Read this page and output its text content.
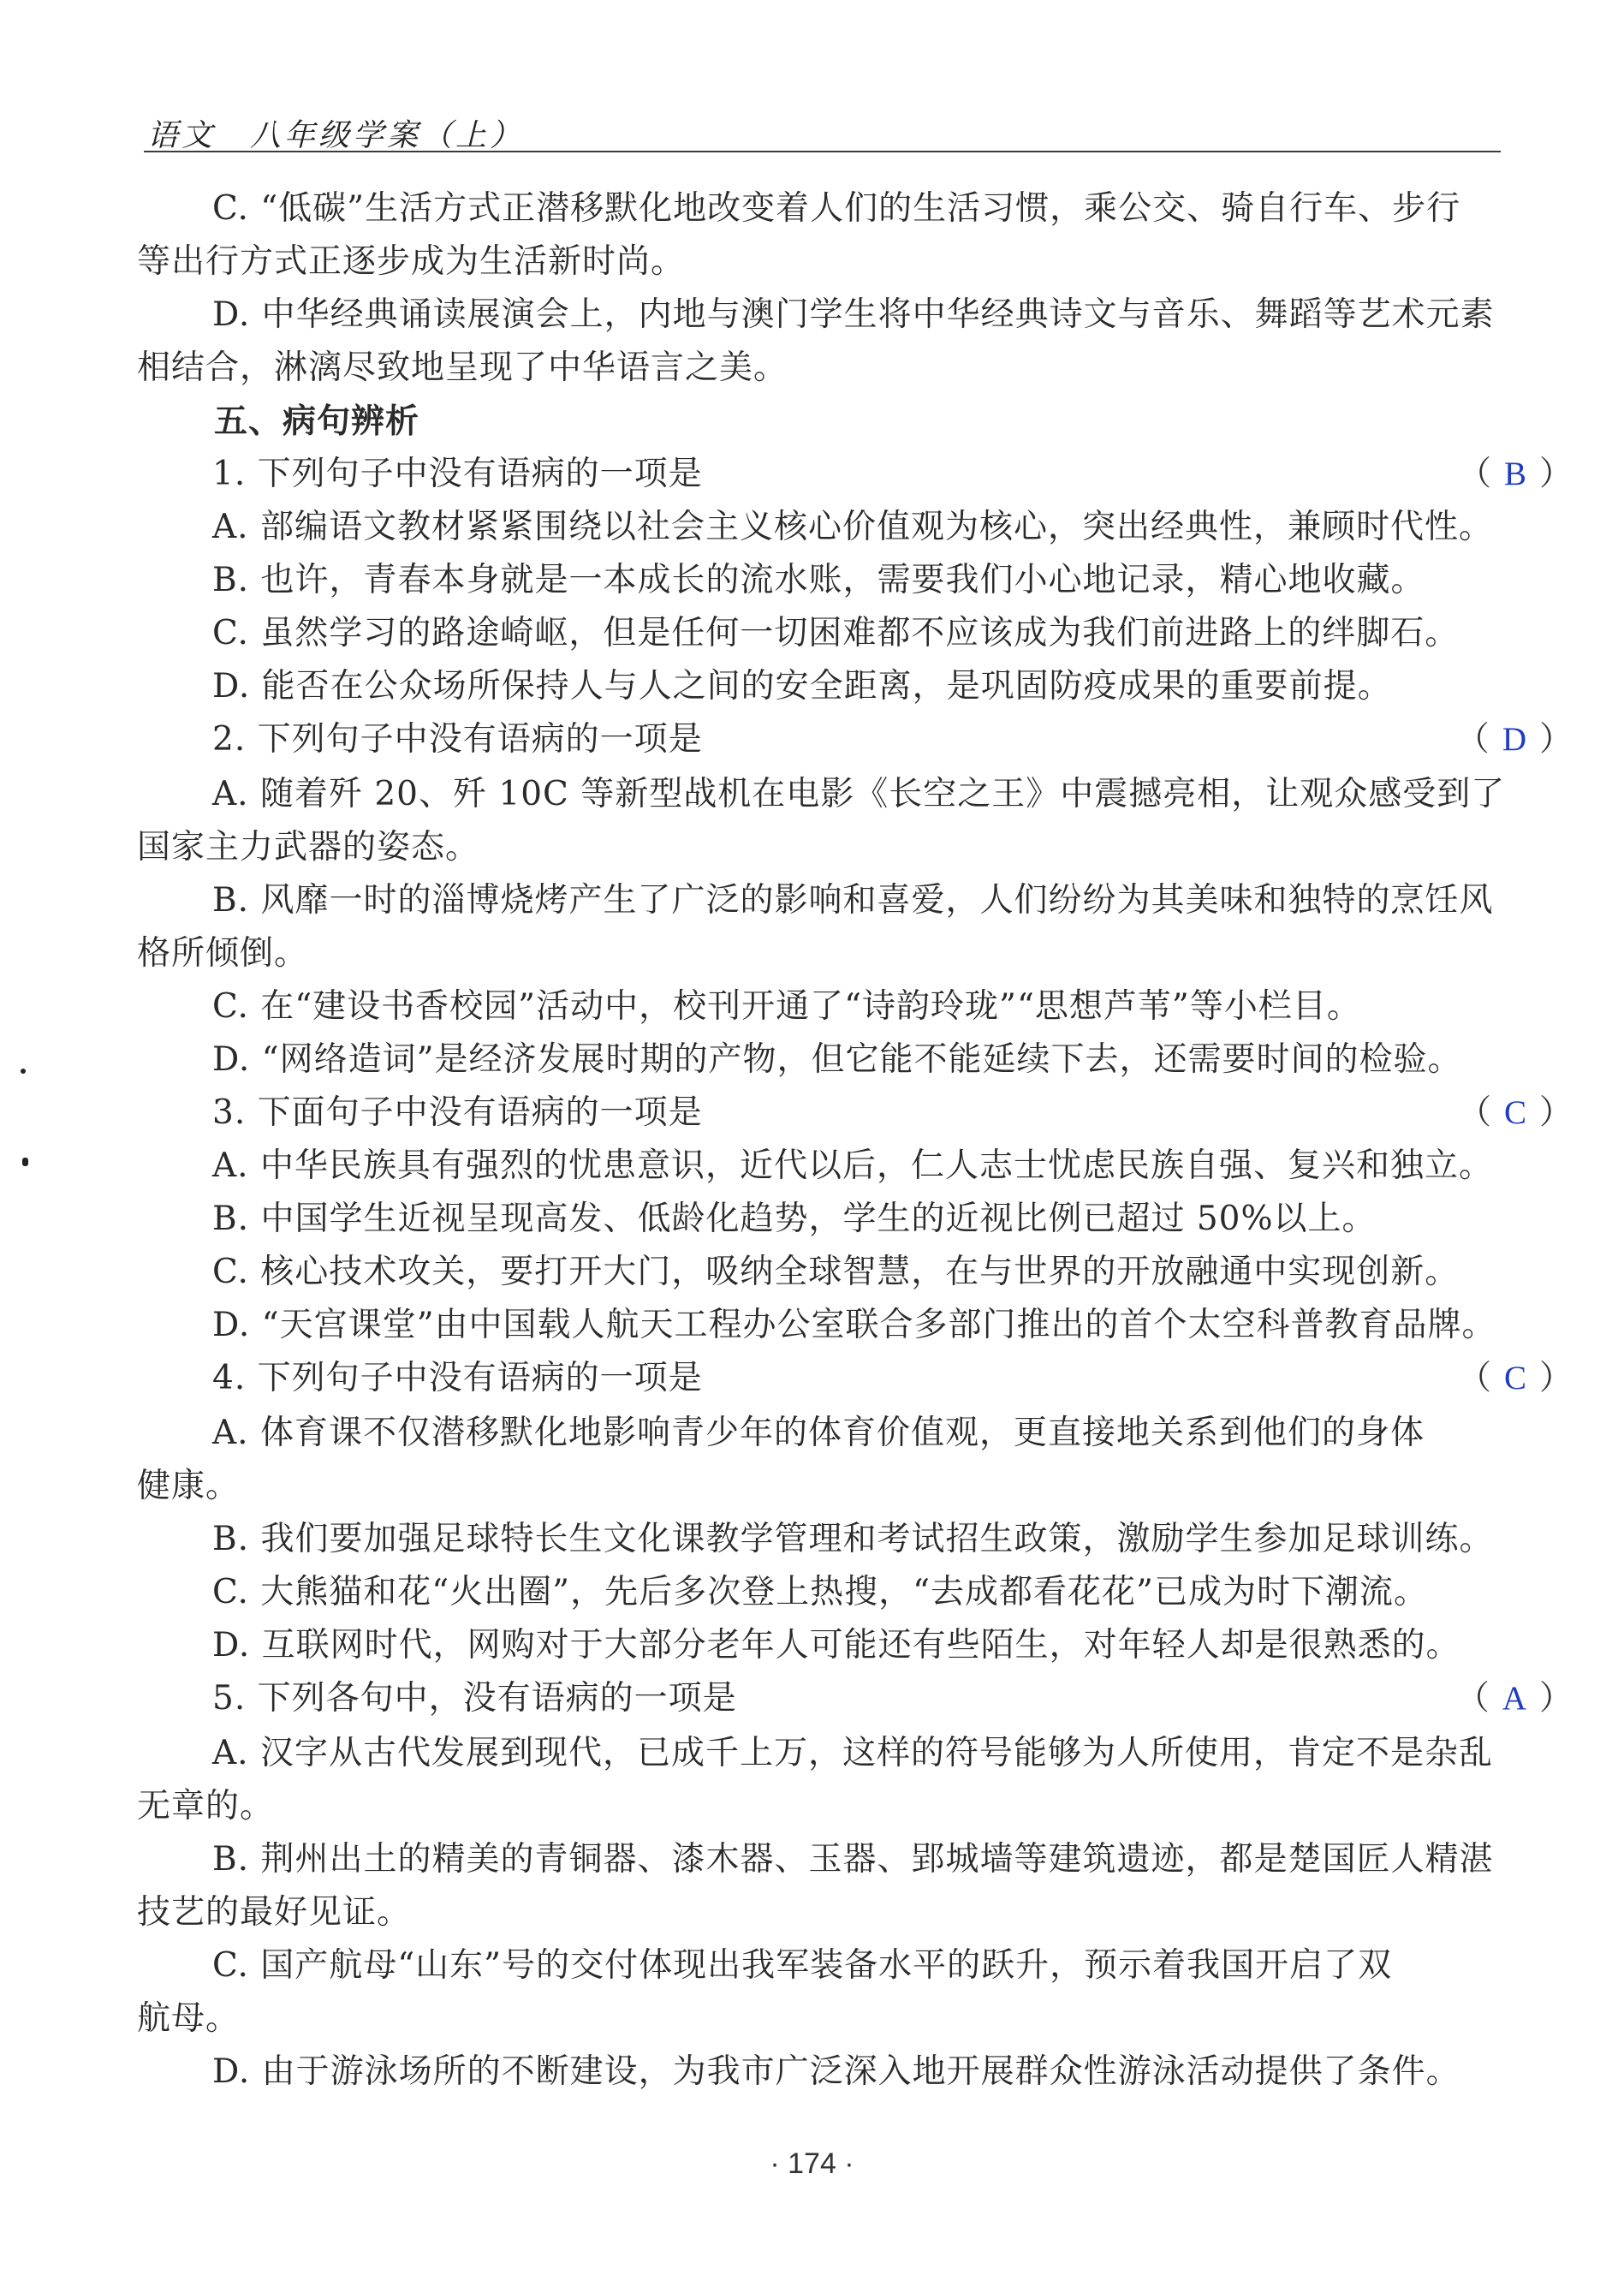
语文　八年级学案（上）
C. “低碳”生活方式正潜移默化地改变着人们的生活习惯，乘公交、骑自行车、步行
等出行方式正逐步成为生活新时尚。
D. 中华经典诵读展演会上，内地与澳门学生将中华经典诗文与音乐、舞蹈等艺术元素
相结合，淋漓尽致地呈现了中华语言之美。
五、病句辨析
1. 下列句子中没有语病的一项是	（ B ）
A. 部编语文教材紧紧围绕以社会主义核心价值观为核心，突出经典性，兼顾时代性。
B. 也许，青春本身就是一本成长的流水账，需要我们小心地记录，精心地收藏。
C. 虽然学习的路途崎岖，但是任何一切困难都不应该成为我们前进路上的绊脚石。
D. 能否在公众场所保持人与人之间的安全距离，是巩固防疫成果的重要前提。
2. 下列句子中没有语病的一项是	（ D ）
A. 随着歼 20、歼 10C 等新型战机在电影《长空之王》中震撼亮相，让观众感受到了
国家主力武器的姿态。
B. 风靡一时的淄博烧烤产生了广泛的影响和喜爱，人们纷纷为其美味和独特的烹饪风
格所倾倒。
C. 在“建设书香校园”活动中，校刊开通了“诗韵玲珑”“思想芦苇”等小栏目。
D. “网络造词”是经济发展时期的产物，但它能不能延续下去，还需要时间的检验。
3. 下面句子中没有语病的一项是	（ C ）
A. 中华民族具有强烈的忧患意识，近代以后，仁人志士忧虑民族自强、复兴和独立。
B. 中国学生近视呈现高发、低龄化趋势，学生的近视比例已超过 50%以上。
C. 核心技术攻关，要打开大门，吸纳全球智慧，在与世界的开放融通中实现创新。
D. “天宫课堂”由中国载人航天工程办公室联合多部门推出的首个太空科普教育品牌。
4. 下列句子中没有语病的一项是	（ C ）
A. 体育课不仅潜移默化地影响青少年的体育价值观，更直接地关系到他们的身体
健康。
B. 我们要加强足球特长生文化课教学管理和考试招生政策，激励学生参加足球训练。
C. 大熊猫和花“火出圈”，先后多次登上热搜，“去成都看花花”已成为时下潮流。
D. 互联网时代，网购对于大部分老年人可能还有些陌生，对年轻人却是很熟悉的。
5. 下列各句中，没有语病的一项是	（ A ）
A. 汉字从古代发展到现代，已成千上万，这样的符号能够为人所使用，肯定不是杂乱
无章的。
B. 荆州出土的精美的青铜器、漆木器、玉器、郢城墙等建筑遗迹，都是楚国匠人精湛
技艺的最好见证。
C. 国产航母“山东”号的交付体现出我军装备水平的跃升，预示着我国开启了双
航母。
D. 由于游泳场所的不断建设，为我市广泛深入地开展群众性游泳活动提供了条件。
· 174 ·
